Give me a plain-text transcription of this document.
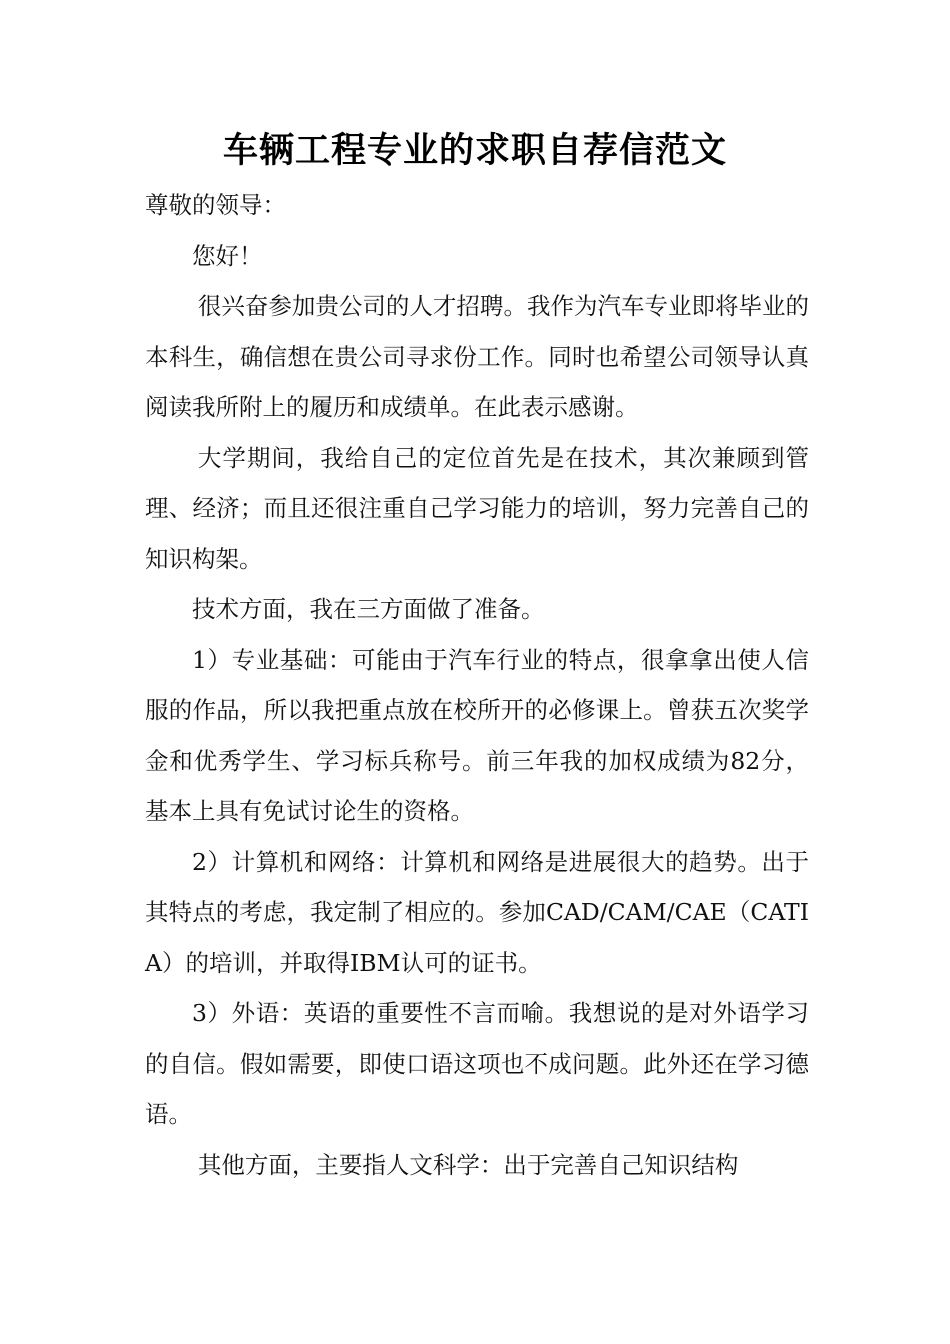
车辆工程专业的求职自荐信范文

尊敬的领导：

您好！

很兴奋参加贵公司的人才招聘。我作为汽车专业即将毕业的本科生，确信想在贵公司寻求份工作。同时也希望公司领导认真阅读我所附上的履历和成绩单。在此表示感谢。

大学期间，我给自己的定位首先是在技术，其次兼顾到管理、经济；而且还很注重自己学习能力的培训，努力完善自己的知识构架。

技术方面，我在三方面做了准备。

1）专业基础：可能由于汽车行业的特点，很拿拿出使人信服的作品，所以我把重点放在校所开的必修课上。曾获五次奖学金和优秀学生、学习标兵称号。前三年我的加权成绩为82分，基本上具有免试讨论生的资格。

2）计算机和网络：计算机和网络是进展很大的趋势。出于其特点的考虑，我定制了相应的。参加CAD/CAM/CAE（CATIA）的培训，并取得IBM认可的证书。

3）外语：英语的重要性不言而喻。我想说的是对外语学习的自信。假如需要，即使口语这项也不成问题。此外还在学习德语。

其他方面，主要指人文科学：出于完善自己知识结构
